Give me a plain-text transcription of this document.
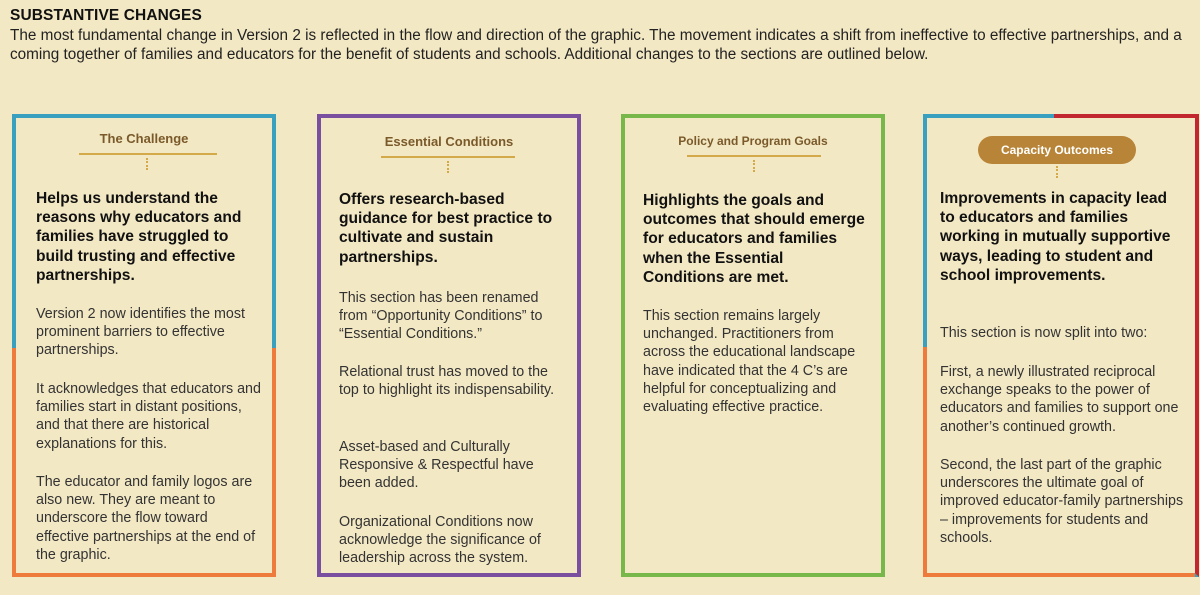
SUBSTANTIVE CHANGES
The most fundamental change in Version 2 is reflected in the flow and direction of the graphic. The movement indicates a shift from ineffective to effective partnerships, and a coming together of families and educators for the benefit of students and schools. Additional changes to the sections are outlined below.
The Challenge
Helps us understand the reasons why educators and families have struggled to build trusting and effective partnerships.
Version 2 now identifies the most prominent barriers to effective partnerships.
It acknowledges that educators and families start in distant positions, and that there are historical explanations for this.
The educator and family logos are also new. They are meant to underscore the flow toward effective partnerships at the end of the graphic.
Essential Conditions
Offers research-based guidance for best practice to cultivate and sustain partnerships.
This section has been renamed from “Opportunity Conditions” to “Essential Conditions.”
Relational trust has moved to the top to highlight its indispensability.
Asset-based and Culturally Responsive & Respectful have been added.
Organizational Conditions now acknowledge the significance of leadership across the system.
Policy and Program Goals
Highlights the goals and outcomes that should emerge for educators and families when the Essential Conditions are met.
This section remains largely unchanged. Practitioners from across the educational landscape have indicated that the 4 C’s are helpful for conceptualizing and evaluating effective practice.
Capacity Outcomes
Improvements in capacity lead to educators and families working in mutually supportive ways, leading to student and school improvements.
This section is now split into two:
First, a newly illustrated reciprocal exchange speaks to the power of educators and families to support one another’s continued growth.
Second, the last part of the graphic underscores the ultimate goal of improved educator-family partnerships – improvements for students and schools.
